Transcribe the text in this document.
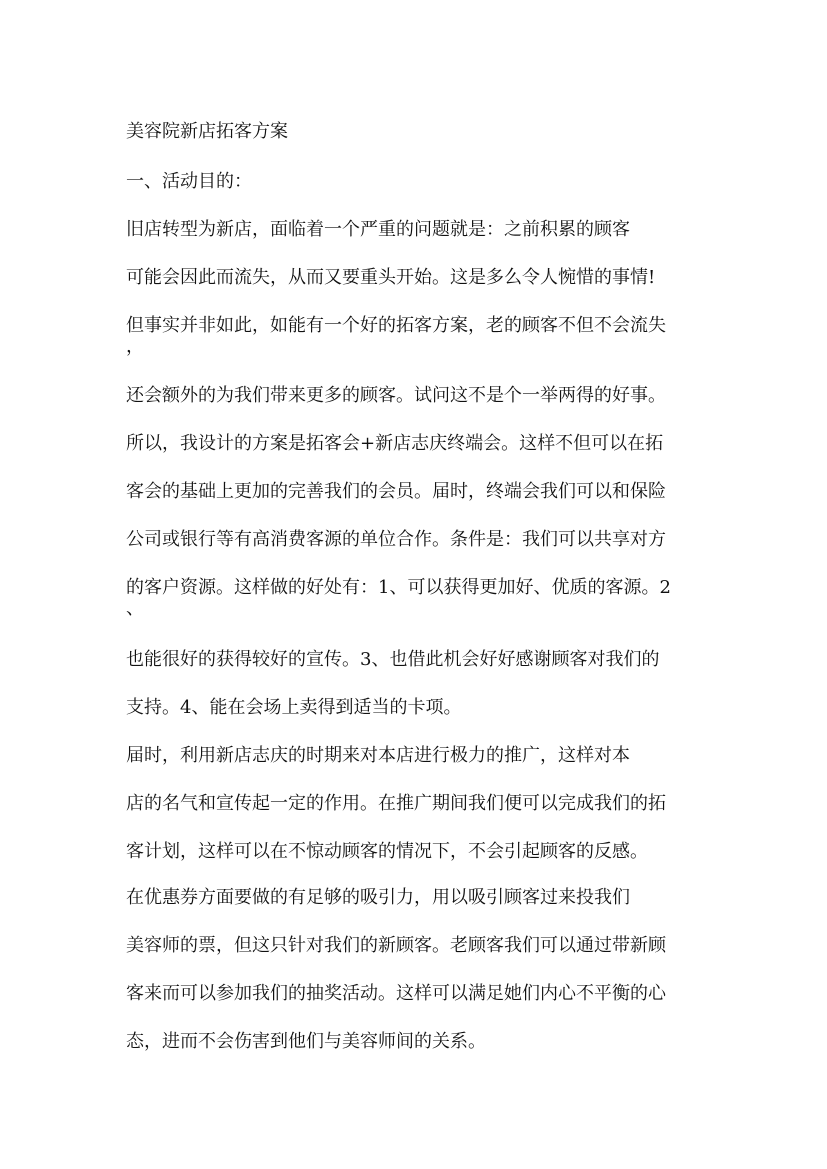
美容院新店拓客方案
一、活动目的：
旧店转型为新店，面临着一个严重的问题就是：之前积累的顾客
可能会因此而流失，从而又要重头开始。这是多么令人惋惜的事情!
但事实并非如此，如能有一个好的拓客方案，老的顾客不但不会流失
，
还会额外的为我们带来更多的顾客。试问这不是个一举两得的好事。
所以，我设计的方案是拓客会+新店志庆终端会。这样不但可以在拓
客会的基础上更加的完善我们的会员。届时，终端会我们可以和保险
公司或银行等有高消费客源的单位合作。条件是：我们可以共享对方
的客户资源。这样做的好处有：1、可以获得更加好、优质的客源。2
、
也能很好的获得较好的宣传。3、也借此机会好好感谢顾客对我们的
支持。4、能在会场上卖得到适当的卡项。
届时，利用新店志庆的时期来对本店进行极力的推广，这样对本
店的名气和宣传起一定的作用。在推广期间我们便可以完成我们的拓
客计划，这样可以在不惊动顾客的情况下，不会引起顾客的反感。
在优惠券方面要做的有足够的吸引力，用以吸引顾客过来投我们
美容师的票，但这只针对我们的新顾客。老顾客我们可以通过带新顾
客来而可以参加我们的抽奖活动。这样可以满足她们内心不平衡的心
态，进而不会伤害到他们与美容师间的关系。
